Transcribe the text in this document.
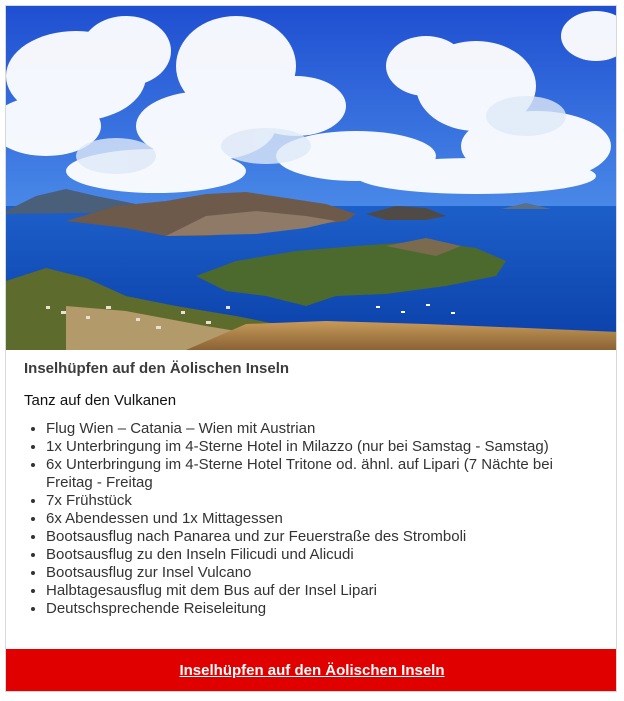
Inselhüpfen auf den Äolischen Inseln
Tanz auf den Vulkanen
• Flug Wien – Catania – Wien mit Austrian
• 1x Unterbringung im 4-Sterne Hotel in Milazzo (nur bei Samstag - Samstag)
• 6x Unterbringung im 4-Sterne Hotel Tritone od. ähnl. auf Lipari (7 Nächte bei Freitag - Freitag
• 7x Frühstück
• 6x Abendessen und 1x Mittagessen
• Bootsausflug nach Panarea und zur Feuerstraße des Stromboli
• Bootsausflug zu den Inseln Filicudi und Alicudi
• Bootsausflug zur Insel Vulcano
• Halbtagesausflug mit dem Bus auf der Insel Lipari
• Deutschsprechende Reiseleitung
Inselhüpfen auf den Äolischen Inseln
